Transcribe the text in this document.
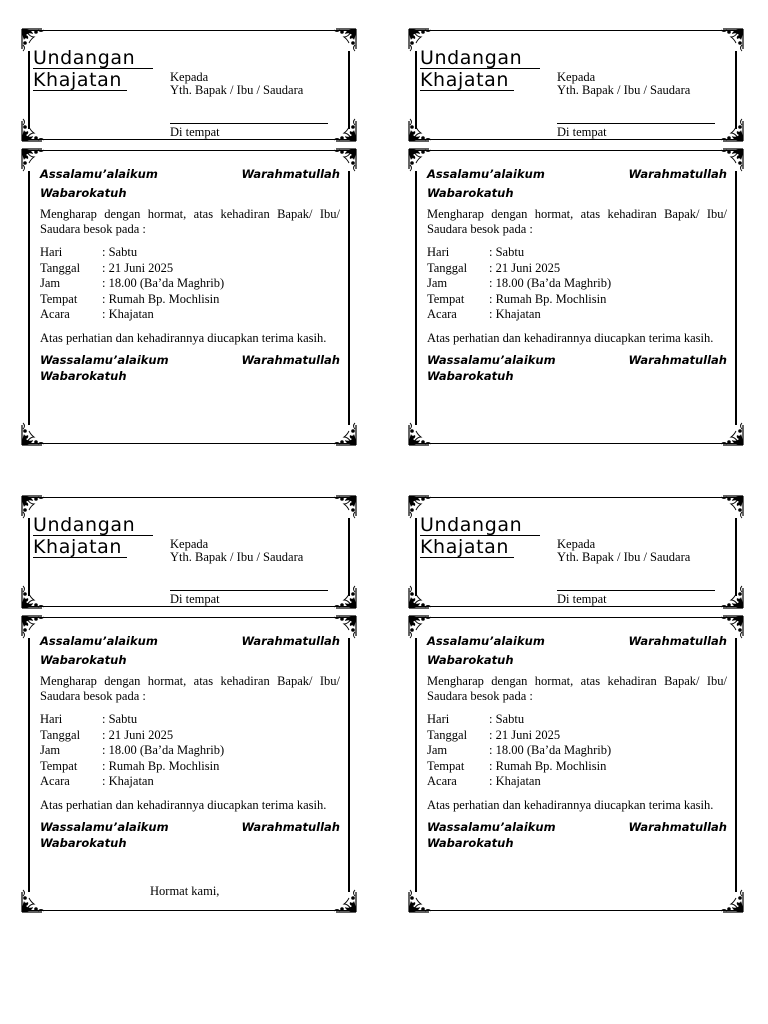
Undangan
Khajatan	Kepada
Yth. Bapak / Ibu / Saudara
Di tempat
Assalamu’alaikum	Warahmatullah
Wabarokatuh
Mengharap dengan hormat, atas kehadiran Bapak/ Ibu/ Saudara besok pada :
Hari	: Sabtu
Tanggal	: 21 Juni 2025
Jam	: 18.00 (Ba’da Maghrib)
Tempat	: Rumah Bp. Mochlisin
Acara	: Khajatan
Atas perhatian dan kehadirannya diucapkan terima kasih.
Wassalamu’alaikum	Warahmatullah
Wabarokatuh
Undangan
Khajatan	Kepada
Yth. Bapak / Ibu / Saudara
Di tempat
Assalamu’alaikum	Warahmatullah
Wabarokatuh
Mengharap dengan hormat, atas kehadiran Bapak/ Ibu/ Saudara besok pada :
Hari	: Sabtu
Tanggal	: 21 Juni 2025
Jam	: 18.00 (Ba’da Maghrib)
Tempat	: Rumah Bp. Mochlisin
Acara	: Khajatan
Atas perhatian dan kehadirannya diucapkan terima kasih.
Wassalamu’alaikum	Warahmatullah
Wabarokatuh
Undangan
Khajatan	Kepada
Yth. Bapak / Ibu / Saudara
Di tempat
Assalamu’alaikum	Warahmatullah
Wabarokatuh
Mengharap dengan hormat, atas kehadiran Bapak/ Ibu/ Saudara besok pada :
Hari	: Sabtu
Tanggal	: 21 Juni 2025
Jam	: 18.00 (Ba’da Maghrib)
Tempat	: Rumah Bp. Mochlisin
Acara	: Khajatan
Atas perhatian dan kehadirannya diucapkan terima kasih.
Wassalamu’alaikum	Warahmatullah
Wabarokatuh
Hormat kami,
Undangan
Khajatan	Kepada
Yth. Bapak / Ibu / Saudara
Di tempat
Assalamu’alaikum	Warahmatullah
Wabarokatuh
Mengharap dengan hormat, atas kehadiran Bapak/ Ibu/ Saudara besok pada :
Hari	: Sabtu
Tanggal	: 21 Juni 2025
Jam	: 18.00 (Ba’da Maghrib)
Tempat	: Rumah Bp. Mochlisin
Acara	: Khajatan
Atas perhatian dan kehadirannya diucapkan terima kasih.
Wassalamu’alaikum	Warahmatullah
Wabarokatuh
